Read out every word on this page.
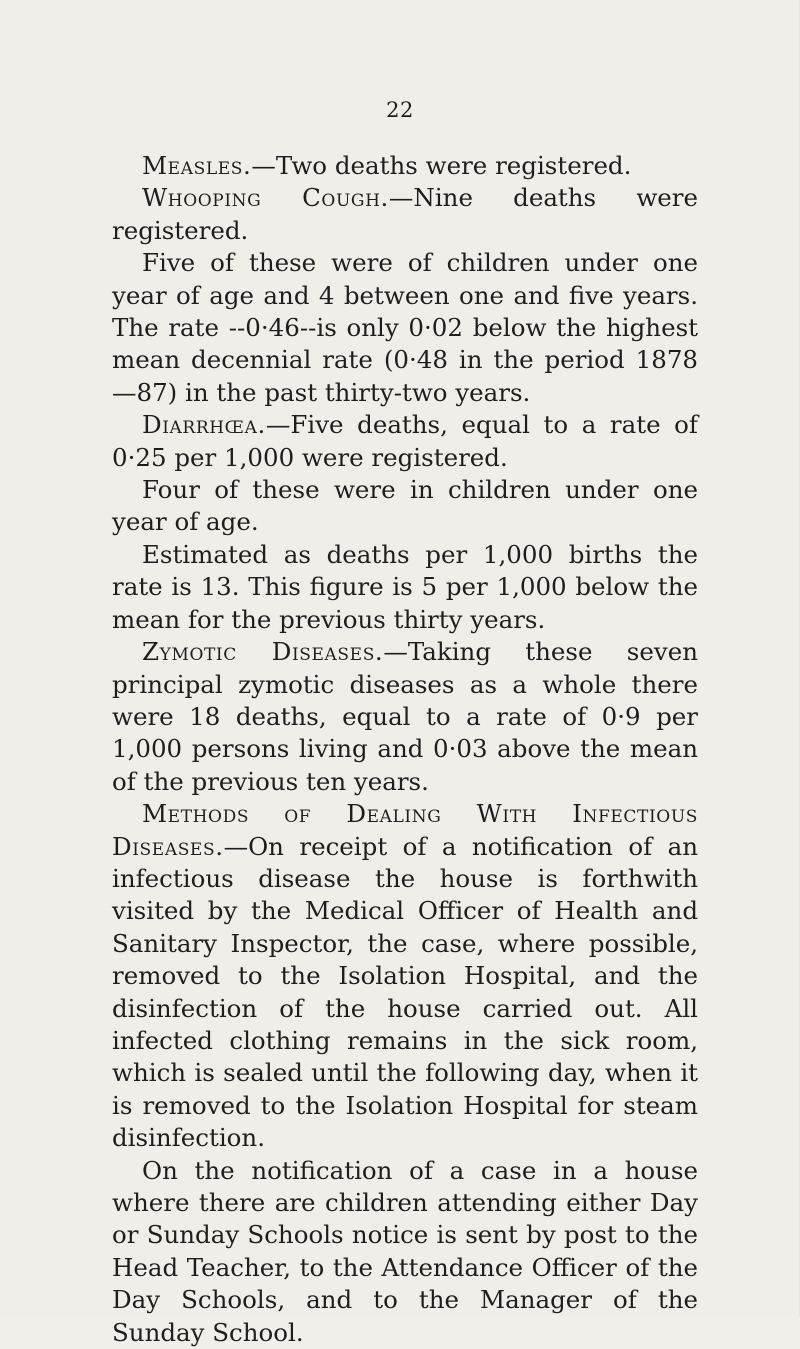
22

Measles.—Two deaths were registered.

Whooping Cough.—Nine deaths were registered.

Five of these were of children under one year of age and 4 between one and five years. The rate --0·46--is only 0·02 below the highest mean decennial rate (0·48 in the period 1878—87) in the past thirty-two years.

Diarrhœa.—Five deaths, equal to a rate of 0·25 per 1,000 were registered.

Four of these were in children under one year of age.

Estimated as deaths per 1,000 births the rate is 13. This figure is 5 per 1,000 below the mean for the previous thirty years.

Zymotic Diseases.—Taking these seven principal zymotic diseases as a whole there were 18 deaths, equal to a rate of 0·9 per 1,000 persons living and 0·03 above the mean of the previous ten years.

Methods of Dealing With Infectious Diseases.—On receipt of a notification of an infectious disease the house is forthwith visited by the Medical Officer of Health and Sanitary Inspector, the case, where possible, removed to the Isolation Hospital, and the disinfection of the house carried out. All infected clothing remains in the sick room, which is sealed until the following day, when it is removed to the Isolation Hospital for steam disinfection.

On the notification of a case in a house where there are children attending either Day or Sunday Schools notice is sent by post to the Head Teacher, to the Attendance Officer of the Day Schools, and to the Manager of the Sunday School.
